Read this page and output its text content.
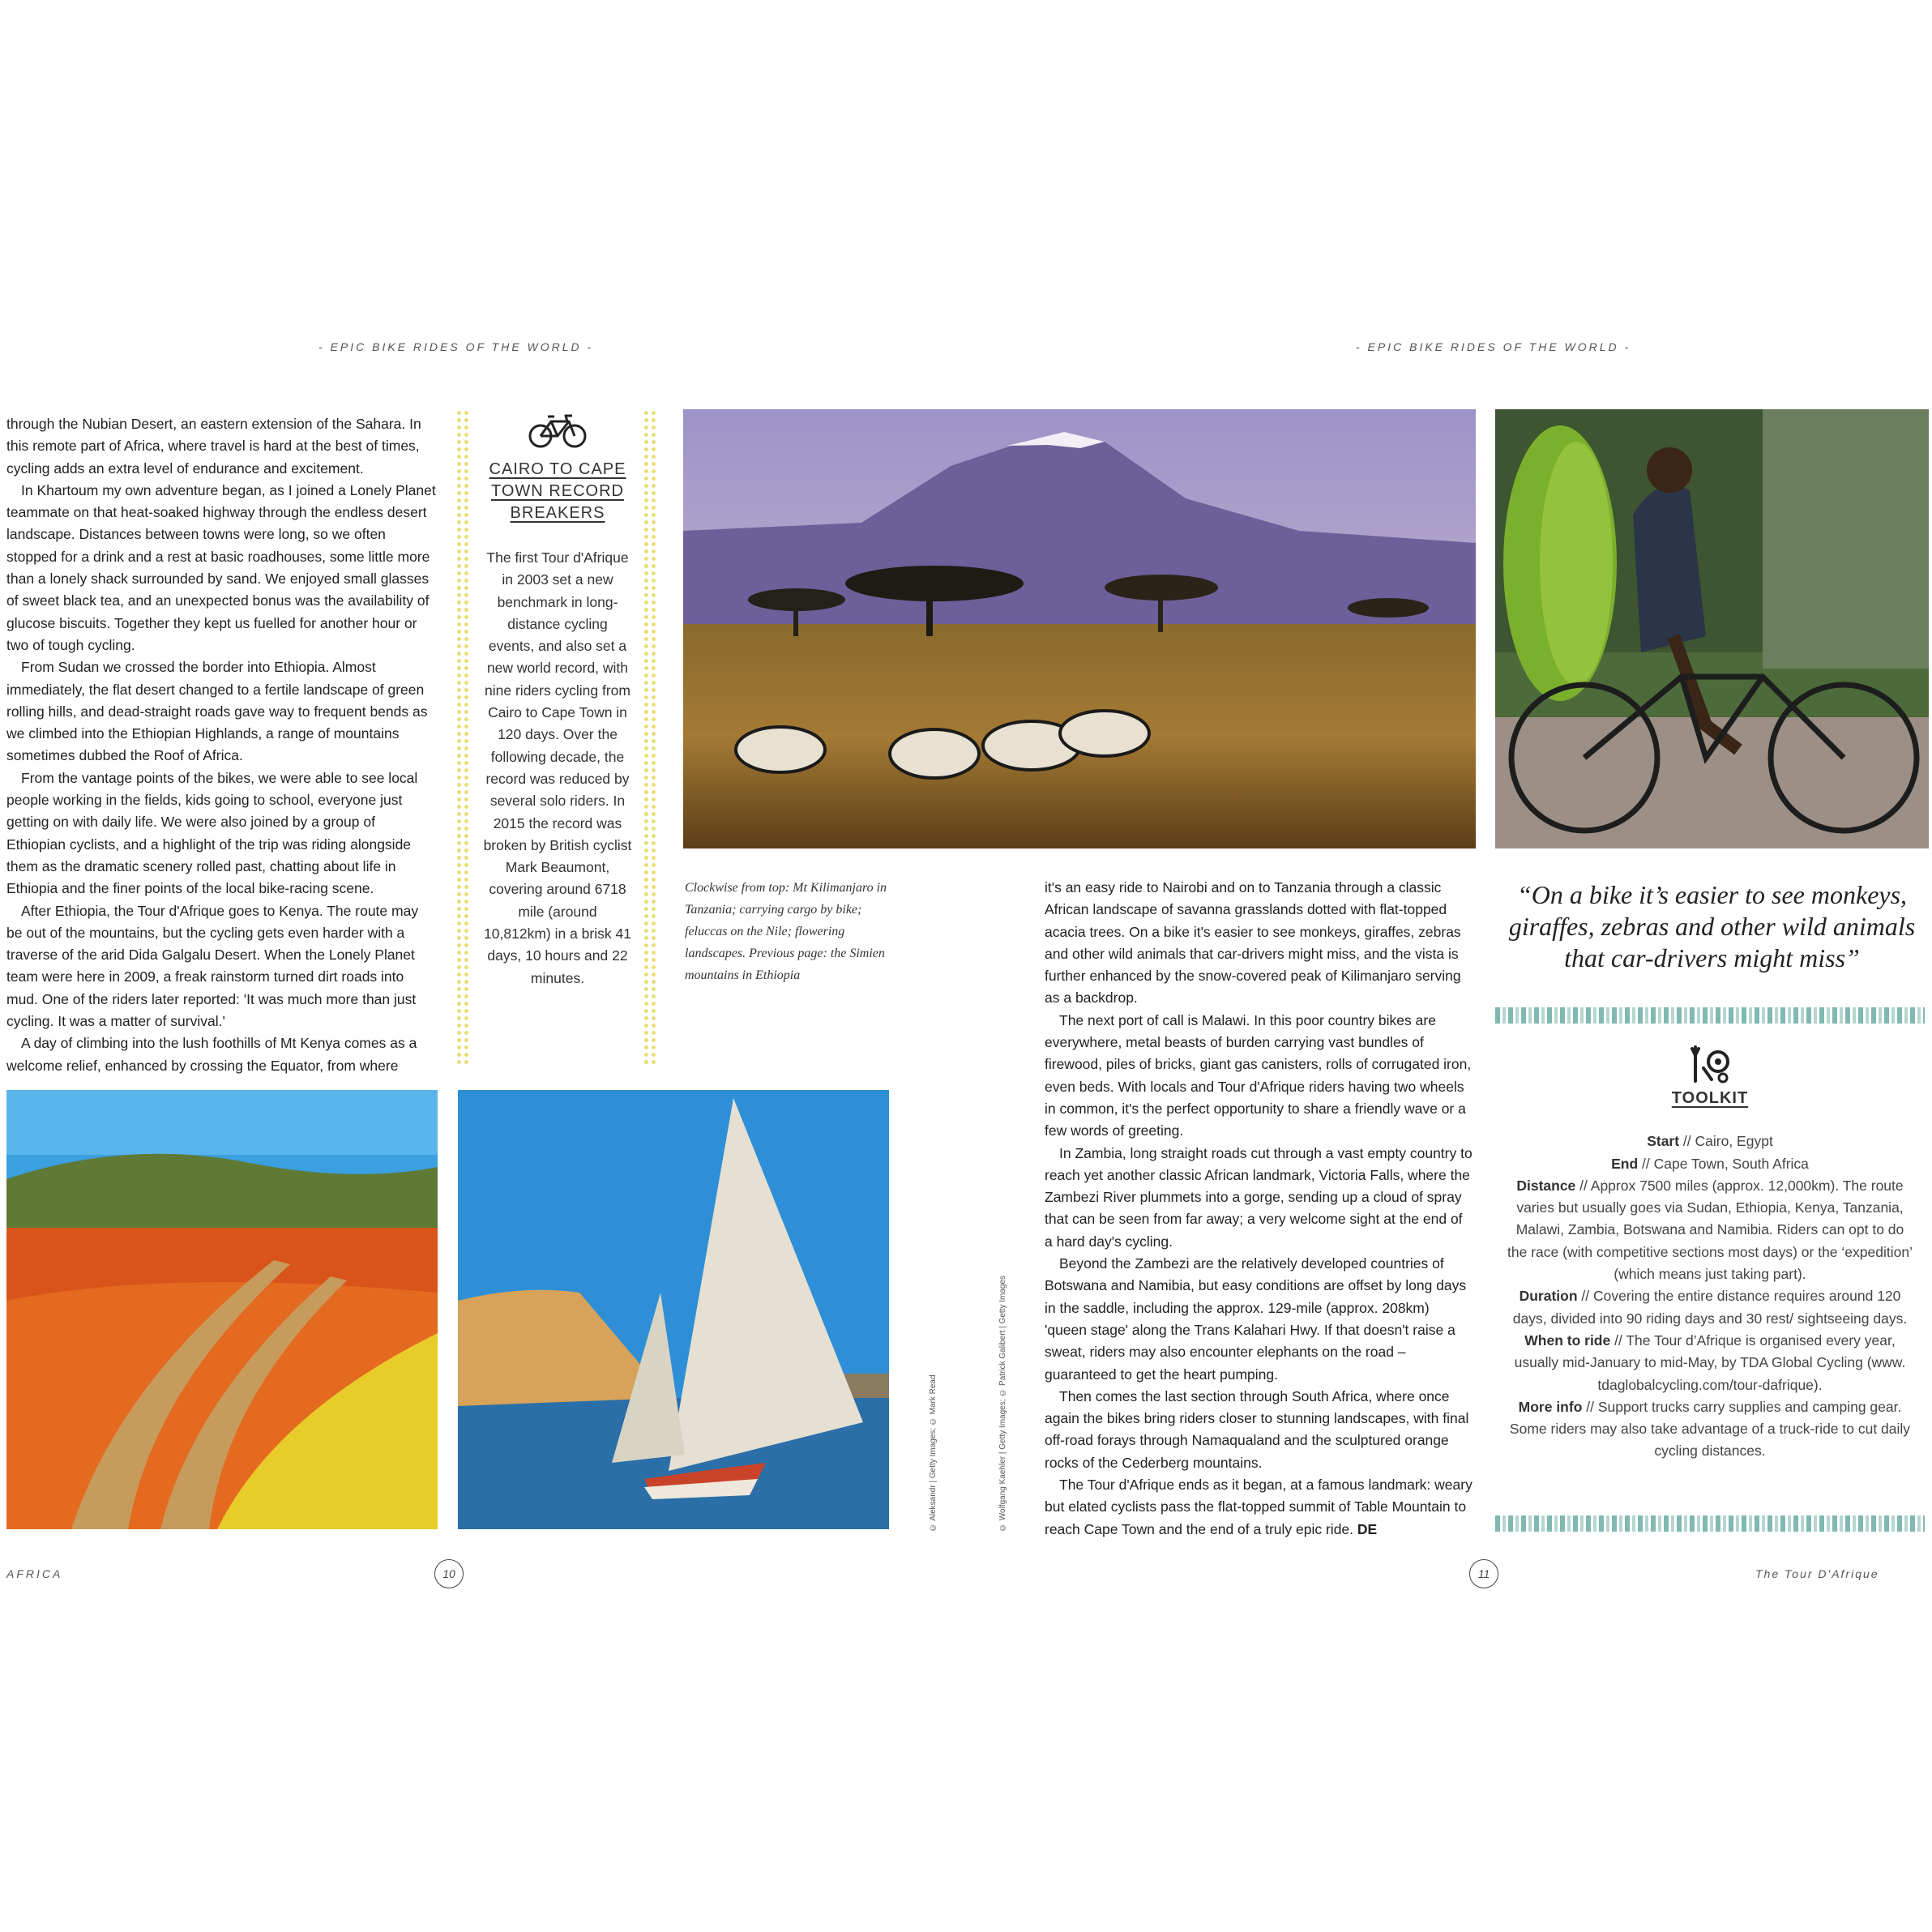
- EPIC BIKE RIDES OF THE WORLD -	- EPIC BIKE RIDES OF THE WORLD -

through the Nubian Desert, an eastern extension of the Sahara. In this remote part of Africa, where travel is hard at the best of times, cycling adds an extra level of endurance and excitement.

In Khartoum my own adventure began, as I joined a Lonely Planet teammate on that heat-soaked highway through the endless desert landscape. Distances between towns were long, so we often stopped for a drink and a rest at basic roadhouses, some little more than a lonely shack surrounded by sand. We enjoyed small glasses of sweet black tea, and an unexpected bonus was the availability of glucose biscuits. Together they kept us fuelled for another hour or two of tough cycling.

From Sudan we crossed the border into Ethiopia. Almost immediately, the flat desert changed to a fertile landscape of green rolling hills, and dead-straight roads gave way to frequent bends as we climbed into the Ethiopian Highlands, a range of mountains sometimes dubbed the Roof of Africa.

From the vantage points of the bikes, we were able to see local people working in the fields, kids going to school, everyone just getting on with daily life. We were also joined by a group of Ethiopian cyclists, and a highlight of the trip was riding alongside them as the dramatic scenery rolled past, chatting about life in Ethiopia and the finer points of the local bike-racing scene.

After Ethiopia, the Tour d'Afrique goes to Kenya. The route may be out of the mountains, but the cycling gets even harder with a traverse of the arid Dida Galgalu Desert. When the Lonely Planet team were here in 2009, a freak rainstorm turned dirt roads into mud. One of the riders later reported: 'It was much more than just cycling. It was a matter of survival.'

A day of climbing into the lush foothills of Mt Kenya comes as a welcome relief, enhanced by crossing the Equator, from where

CAIRO TO CAPE TOWN RECORD BREAKERS
The first Tour d'Afrique in 2003 set a new benchmark in long-distance cycling events, and also set a new world record, with nine riders cycling from Cairo to Cape Town in 120 days. Over the following decade, the record was reduced by several solo riders. In 2015 the record was broken by British cyclist Mark Beaumont, covering around 6718 mile (around 10,812km) in a brisk 41 days, 10 hours and 22 minutes.
Clockwise from top: Mt Kilimanjaro in Tanzania; carrying cargo by bike; feluccas on the Nile; flowering landscapes. Previous page: the Simien mountains in Ethiopia

it's an easy ride to Nairobi and on to Tanzania through a classic African landscape of savanna grasslands dotted with flat-topped acacia trees. On a bike it's easier to see monkeys, giraffes, zebras and other wild animals that car-drivers might miss, and the vista is further enhanced by the snow-covered peak of Kilimanjaro serving as a backdrop.

The next port of call is Malawi. In this poor country bikes are everywhere, metal beasts of burden carrying vast bundles of firewood, piles of bricks, giant gas canisters, rolls of corrugated iron, even beds. With locals and Tour d'Afrique riders having two wheels in common, it's the perfect opportunity to share a friendly wave or a few words of greeting.

In Zambia, long straight roads cut through a vast empty country to reach yet another classic African landmark, Victoria Falls, where the Zambezi River plummets into a gorge, sending up a cloud of spray that can be seen from far away; a very welcome sight at the end of a hard day's cycling.

Beyond the Zambezi are the relatively developed countries of Botswana and Namibia, but easy conditions are offset by long days in the saddle, including the approx. 129-mile (approx. 208km) 'queen stage' along the Trans Kalahari Hwy. If that doesn't raise a sweat, riders may also encounter elephants on the road – guaranteed to get the heart pumping.

Then comes the last section through South Africa, where once again the bikes bring riders closer to stunning landscapes, with final off-road forays through Namaqualand and the sculptured orange rocks of the Cederberg mountains.

The Tour d'Afrique ends as it began, at a famous landmark: weary but elated cyclists pass the flat-topped summit of Table Mountain to reach Cape Town and the end of a truly epic ride. DE

“On a bike it’s easier to see monkeys, giraffes, zebras and other wild animals that car-drivers might miss”
TOOLKIT
Start // Cairo, Egypt
End // Cape Town, South Africa
Distance // Approx 7500 miles (approx. 12,000km). The route varies but usually goes via Sudan, Ethiopia, Kenya, Tanzania, Malawi, Zambia, Botswana and Namibia. Riders can opt to do the race (with competitive sections most days) or the ‘expedition’ (which means just taking part).
Duration // Covering the entire distance requires around 120 days, divided into 90 riding days and 30 rest/ sightseeing days.
When to ride // The Tour d’Afrique is organised every year, usually mid-January to mid-May, by TDA Global Cycling (www. tdaglobalcycling.com/tour-dafrique).
More info // Support trucks carry supplies and camping gear. Some riders may also take advantage of a truck-ride to cut daily cycling distances.
© Aleksandr | Getty Images; © Mark Read	© Wolfgang Kaehler | Getty Images; © Patrick Galibert | Getty Images
AFRICA	10	11	The Tour D'Afrique
